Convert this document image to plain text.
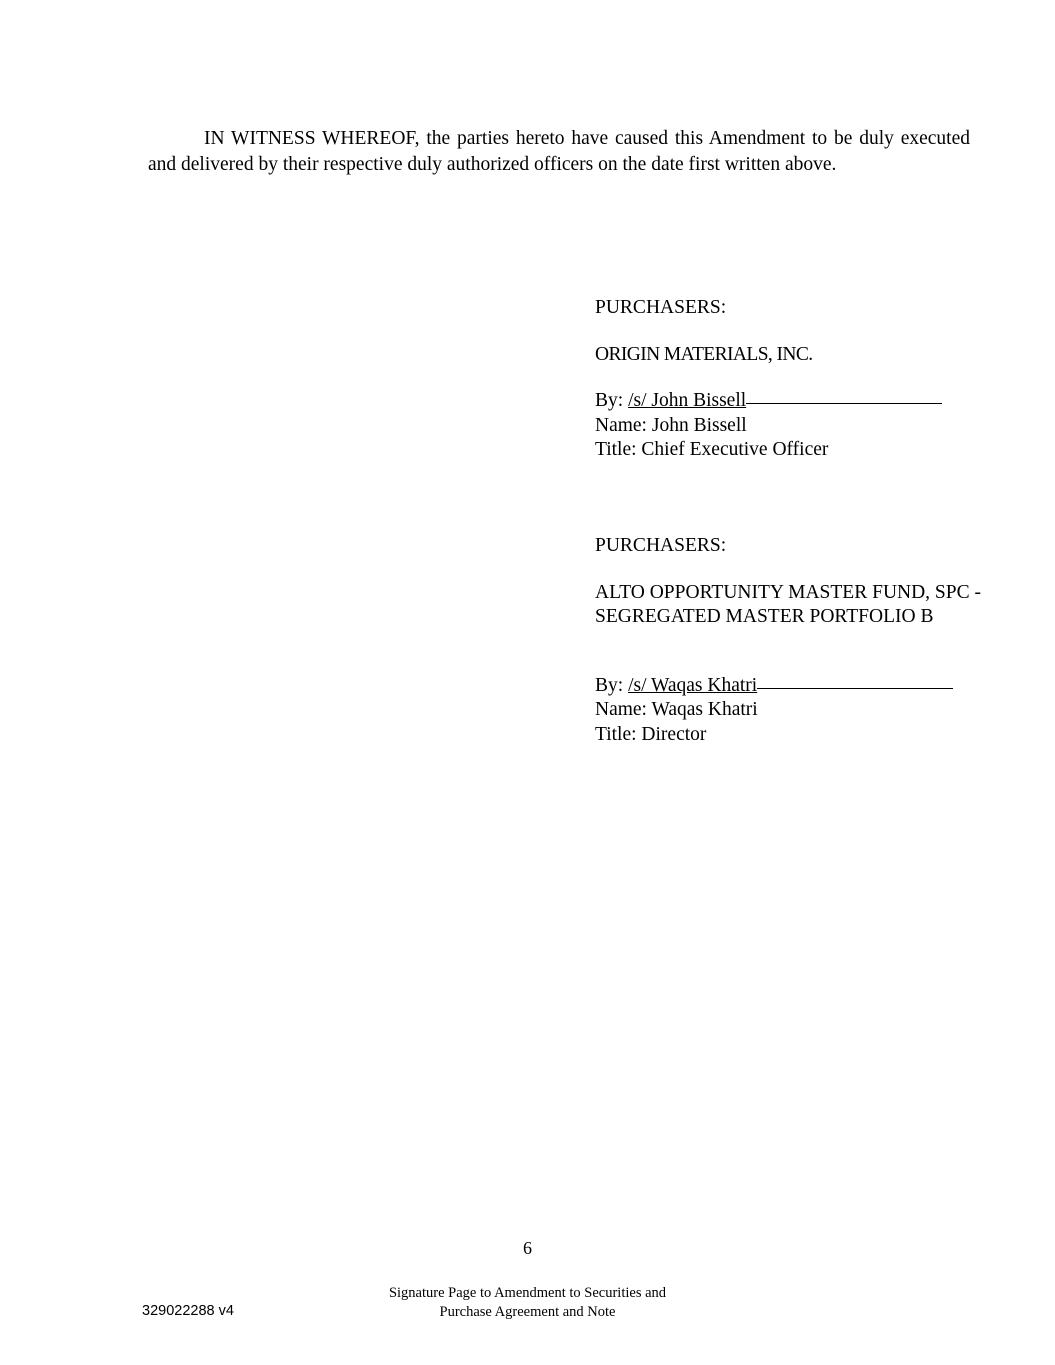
IN WITNESS WHEREOF, the parties hereto have caused this Amendment to be duly executed and delivered by their respective duly authorized officers on the date first written above.

PURCHASERS:

ORIGIN MATERIALS, INC.

By: /s/ John Bissell

Name: John Bissell

Title: Chief Executive Officer

PURCHASERS:

ALTO OPPORTUNITY MASTER FUND, SPC - SEGREGATED MASTER PORTFOLIO B

By: /s/ Waqas Khatri

Name: Waqas Khatri

Title: Director

6
Signature Page to Amendment to Securities and
Purchase Agreement and Note
329022288 v4
